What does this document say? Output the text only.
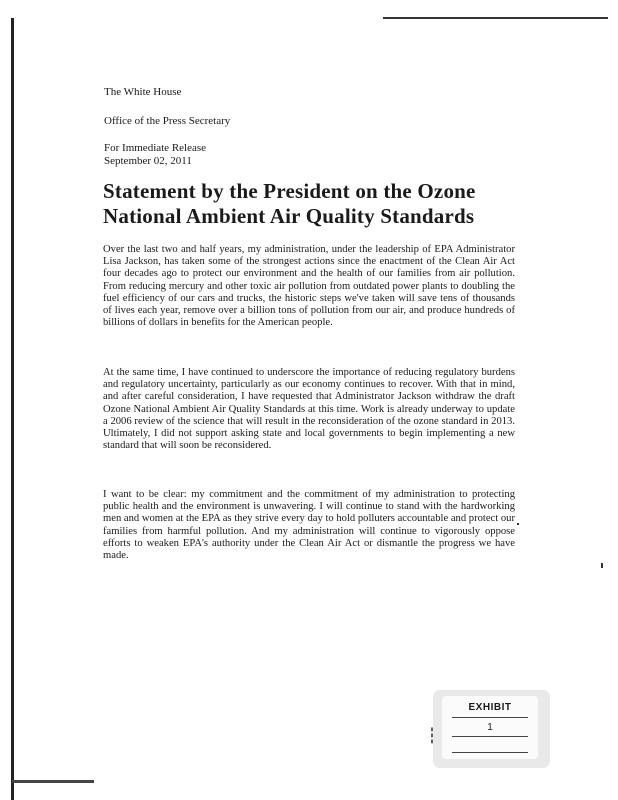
The White House
Office of the Press Secretary
For Immediate Release
September 02, 2011
Statement by the President on the Ozone
National Ambient Air Quality Standards

Over the last two and half years, my administration, under the leadership of EPA Administrator Lisa Jackson, has taken some of the strongest actions since the enactment of the Clean Air Act four decades ago to protect our environment and the health of our families from air pollution. From reducing mercury and other toxic air pollution from outdated power plants to doubling the fuel efficiency of our cars and trucks, the historic steps we've taken will save tens of thousands of lives each year, remove over a billion tons of pollution from our air, and produce hundreds of billions of dollars in benefits for the American people.

At the same time, I have continued to underscore the importance of reducing regulatory burdens and regulatory uncertainty, particularly as our economy continues to recover. With that in mind, and after careful consideration, I have requested that Administrator Jackson withdraw the draft Ozone National Ambient Air Quality Standards at this time. Work is already underway to update a 2006 review of the science that will result in the reconsideration of the ozone standard in 2013. Ultimately, I did not support asking state and local governments to begin implementing a new standard that will soon be reconsidered.

I want to be clear: my commitment and the commitment of my administration to protecting public health and the environment is unwavering. I will continue to stand with the hardworking men and women at the EPA as they strive every day to hold polluters accountable and protect our families from harmful pollution. And my administration will continue to vigorously oppose efforts to weaken EPA's authority under the Clean Air Act or dismantle the progress we have made.

▮▮▮
EXHIBIT
1
